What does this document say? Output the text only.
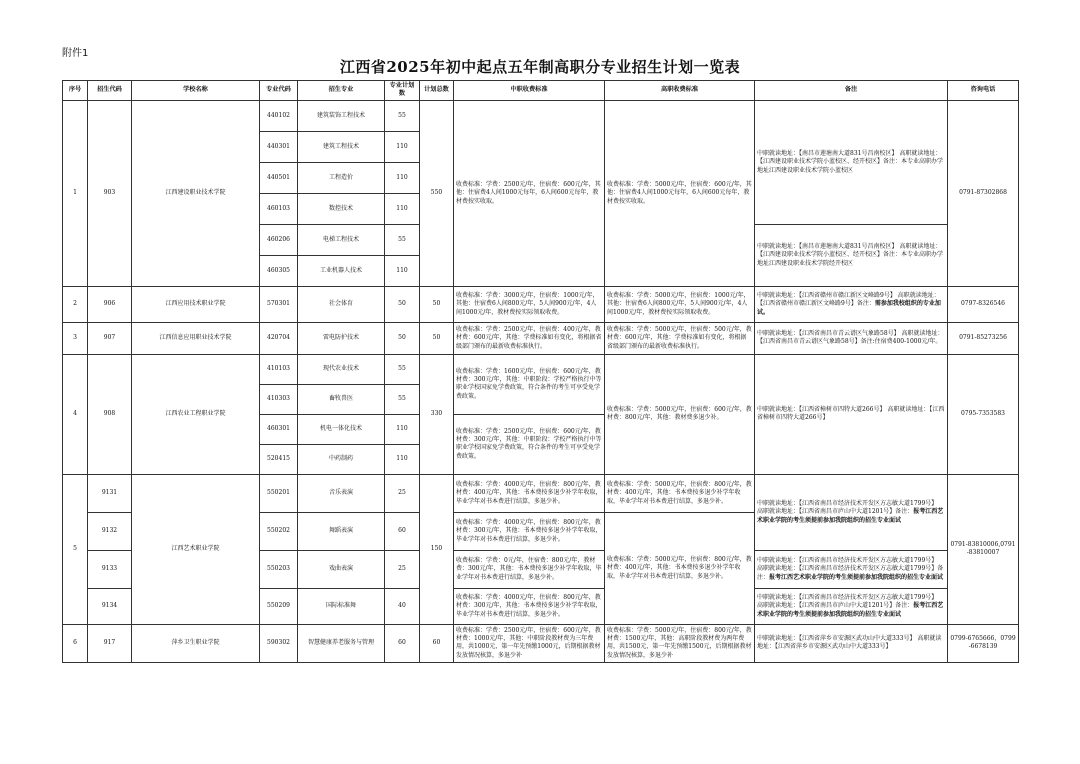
附件1
江西省2025年初中起点五年制高职分专业招生计划一览表
序号	招生代码	学校名称	专业代码	招生专业	专业计划数	计划总数	中职收费标准	高职收费标准	备注	咨询电话
1	903	江西建设职业技术学院	440102	建筑装饰工程技术	55	550	收费标准：学费：2500元/年，住宿费：600元/年，其他：住宿费4人间1000元每年，6人间600元每年，教材费按实收取。	收费标准：学费：5000元/年，住宿费：600元/年，其他：住宿费4人间1000元每年，6人间600元每年，教材费按实收取。	中职就读地址：【南昌市莲塘南大道831号昌南校区】 高职就读地址：【江西建设职业技术学院小蓝校区、经开校区】备注：本专业高职办学地址江西建设职业技术学院小蓝校区	0791-87302868
			440301	建筑工程技术	110					
			440501	工程造价	110					
			460103	数控技术	110					
			460206	电梯工程技术	55				中职就读地址：【南昌市莲塘南大道831号昌南校区】 高职就读地址：【江西建设职业技术学院小蓝校区、经开校区】备注：本专业高职办学地址江西建设职业技术学院经开校区	
			460305	工业机器人技术	110					
2	906	江西应用技术职业学院	570301	社会体育	50	50	收费标准：学费：3000元/年，住宿费：1000元/年，其他：住宿费6人间800元/年，5人间900元/年，4人间1000元/年，教材费按实际领取收费。	收费标准：学费：5000元/年，住宿费：1000元/年，其他：住宿费6人间800元/年，5人间900元/年，4人间1000元/年，教材费按实际领取收费。	中职就读地址：【江西省赣州市赣江新区文峰路9号】 高职就读地址：【江西省赣州市赣江新区文峰路9号】备注：需参加我校组织的专业加试。	0797-8326546
3	907	江西信息应用职业技术学院	420704	雷电防护技术	50	50	收费标准：学费：2500元/年，住宿费：400元/年，教材费：600元/年，其他：学费标准如有变化，将根据省级部门颁布的最新收费标准执行。	收费标准：学费：5000元/年，住宿费：500元/年，教材费：600元/年，其他：学费标准如有变化，将根据省级部门颁布的最新收费标准执行。	中职就读地址：【江西省南昌市青云谱区气象路58号】 高职就读地址：【江西省南昌市青云谱区气象路58号】备注:住宿费400-1000元/年。	0791-85273256
4	908	江西农业工程职业学院	410103	现代农业技术	55	330	收费标准：学费：1600元/年，住宿费：600元/年，教材费：300元/年，其他：中职阶段：学校严格执行中等职业学校国家免学费政策，符合条件的考生可享受免学费政策。	收费标准：学费：5000元/年，住宿费：600元/年，教材费：800元/年，其他：教材费多退少补。	中职就读地址：【江西省樟树市四特大道266号】 高职就读地址：【江西省樟树市四特大道266号】	0795-7353583
			410303	畜牧兽医	55					
			460301	机电一体化技术	110		收费标准：学费：2500元/年，住宿费：600元/年，教材费：300元/年，其他：中职阶段：学校严格执行中等职业学校国家免学费政策，符合条件的考生可享受免学费政策。			
			520415	中药制药	110					
5	9131	江西艺术职业学院	550201	音乐表演	25	150	收费标准：学费：4000元/年，住宿费：800元/年，教材费：400元/年，其他：书本费按多退少补学年收取，毕业学年对书本费进行结算，多退少补。	收费标准：学费：5000元/年，住宿费：800元/年，教材费：400元/年，其他：书本费按多退少补学年收取，毕业学年对书本费进行结算，多退少补。	中职就读地址：【江西省南昌市经济技术开发区方志敏大道1799号】 高职就读地址：【江西省南昌市庐山中大道1201号】备注：报考江西艺术职业学院的考生须提前参加我院组织的招生专业面试	0791-83810006,0791-83810007
	9132		550202	舞蹈表演	60		收费标准：学费：4000元/年，住宿费：800元/年，教材费：300元/年，其他：书本费按多退少补学年收取，毕业学年对书本费进行结算，多退少补。	收费标准：学费：5000元/年，住宿费：800元/年，教材费：400元/年，其他：书本费按多退少补学年收取，毕业学年对书本费进行结算，多退少补。		
	9133		550203	戏曲表演	25		收费标准：学费：0元/年，住宿费：800元/年，教材费：300元/年，其他：书本费按多退少补学年收取，毕业学年对书本费进行结算，多退少补。		中职就读地址：【江西省南昌市经济技术开发区方志敏大道1799号】 高职就读地址：【江西省南昌市经济技术开发区方志敏大道1799号】备注：报考江西艺术职业学院的考生须提前参加我院组织的招生专业面试	
	9134		550209	国际标准舞	40		收费标准：学费：4000元/年，住宿费：800元/年，教材费：300元/年，其他：书本费按多退少补学年收取，毕业学年对书本费进行结算，多退少补。		中职就读地址：【江西省南昌市经济技术开发区方志敏大道1799号】 高职就读地址：【江西省南昌市庐山中大道1201号】备注：报考江西艺术职业学院的考生须提前参加我院组织的招生专业面试	
6	917	萍乡卫生职业学院	590302	智慧健康养老服务与管理	60	60	收费标准：学费：2500元/年，住宿费：600元/年，教材费：1000元/年，其他：中职阶段教材费为三年费用，共1000元，第一年先预缴1000元，后期根据教材发放情况核算，多退少补	收费标准：学费：5000元/年，住宿费：800元/年，教材费：1500元/年，其他：高职阶段教材费为两年费用，共1500元，第一年先预缴1500元，后期根据教材发放情况核算，多退少补	中职就读地址：【江西省萍乡市安源区武功山中大道333号】 高职就读地址：【江西省萍乡市安源区武功山中大道333号】	0799-6765666，0799-6678139
